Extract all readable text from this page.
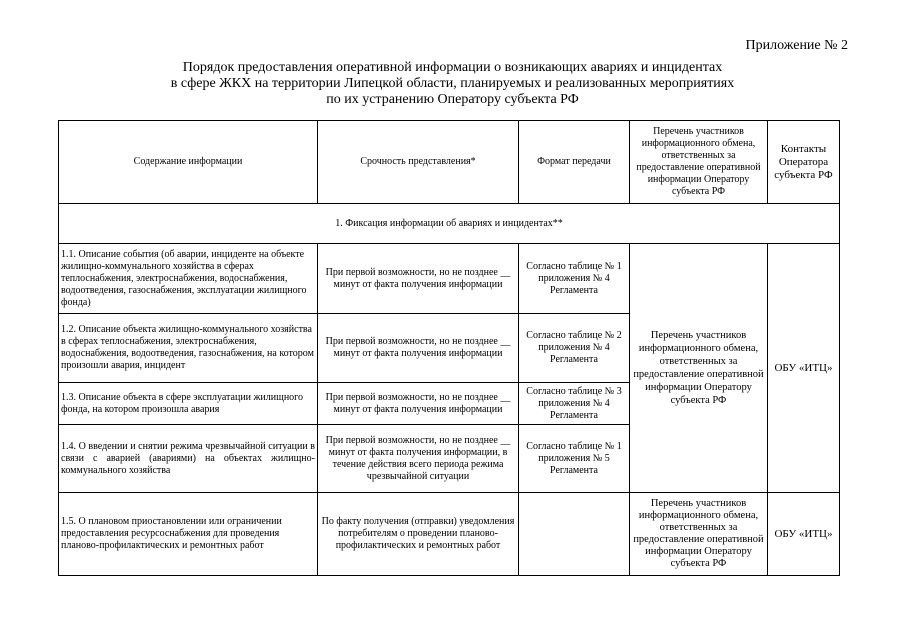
Приложение № 2
Порядок предоставления оперативной информации о возникающих авариях и инцидентах
в сфере ЖКХ на территории Липецкой области, планируемых и реализованных мероприятиях
по их устранению Оператору субъекта РФ
Содержание информации	Срочность представления*	Формат передачи	Перечень участников информационного обмена, ответственных за предоставление оперативной информации Оператору субъекта РФ	Контакты Оператора субъекта РФ
1. Фиксация информации об авариях и инцидентах**				
1.1. Описание события (об аварии, инциденте на объекте жилищно-коммунального хозяйства в сферах теплоснабжения, электроснабжения, водоснабжения, водоотведения, газоснабжения, эксплуатации жилищного фонда)	При первой возможности, но не позднее __ минут от факта получения информации	Согласно таблице № 1 приложения № 4 Регламента	Перечень участников информационного обмена, ответственных за предоставление оперативной информации Оператору субъекта РФ	ОБУ «ИТЦ»
1.2. Описание объекта жилищно-коммунального хозяйства в сферах теплоснабжения, электроснабжения, водоснабжения, водоотведения, газоснабжения, на котором произошли авария, инцидент	При первой возможности, но не позднее __ минут от факта получения информации	Согласно таблице № 2 приложения № 4 Регламента		
1.3. Описание объекта в сфере эксплуатации жилищного фонда, на котором произошла авария	При первой возможности, но не позднее __ минут от факта получения информации	Согласно таблице № 3 приложения № 4 Регламента		
1.4. О введении и снятии режима чрезвычайной ситуации в связи с аварией (авариями) на объектах жилищно-коммунального хозяйства	При первой возможности, но не позднее __ минут от факта получения информации, в течение действия всего периода режима чрезвычайной ситуации	Согласно таблице № 1 приложения № 5 Регламента		
1.5. О плановом приостановлении или ограничении предоставления ресурсоснабжения для проведения планово-профилактических и ремонтных работ	По факту получения (отправки) уведомления потребителям о проведении планово-профилактических и ремонтных работ		Перечень участников информационного обмена, ответственных за предоставление оперативной информации Оператору субъекта РФ	ОБУ «ИТЦ»
